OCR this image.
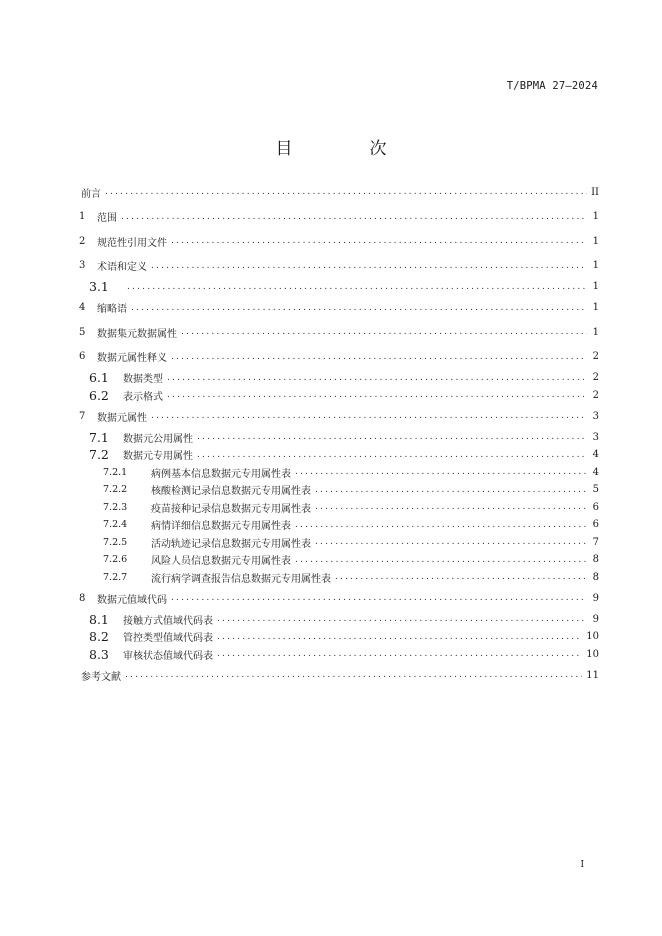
T/BPMA 27—2024
目　次
前言 .....	II
1	范围 .....	1
2	规范性引用文件 .....	1
3	术语和定义 .....	1
3.1 .....	1
4	缩略语 .....	1
5	数据集元数据属性 .....	1
6	数据元属性释义 .....	2
6.1	数据类型 .....	2
6.2	表示格式 .....	2
7	数据元属性 .....	3
7.1	数据元公用属性 .....	3
7.2	数据元专用属性 .....	4
7.2.1	病例基本信息数据元专用属性表 .....	4
7.2.2	核酸检测记录信息数据元专用属性表 .....	5
7.2.3	疫苗接种记录信息数据元专用属性表 .....	6
7.2.4	病情详细信息数据元专用属性表 .....	6
7.2.5	活动轨迹记录信息数据元专用属性表 .....	7
7.2.6	风险人员信息数据元专用属性表 .....	8
7.2.7	流行病学调查报告信息数据元专用属性表 .....	8
8	数据元值域代码 .....	9
8.1	接触方式值域代码表 .....	9
8.2	管控类型值域代码表 .....	10
8.3	审核状态值域代码表 .....	10
参考文献 .....	11
I
